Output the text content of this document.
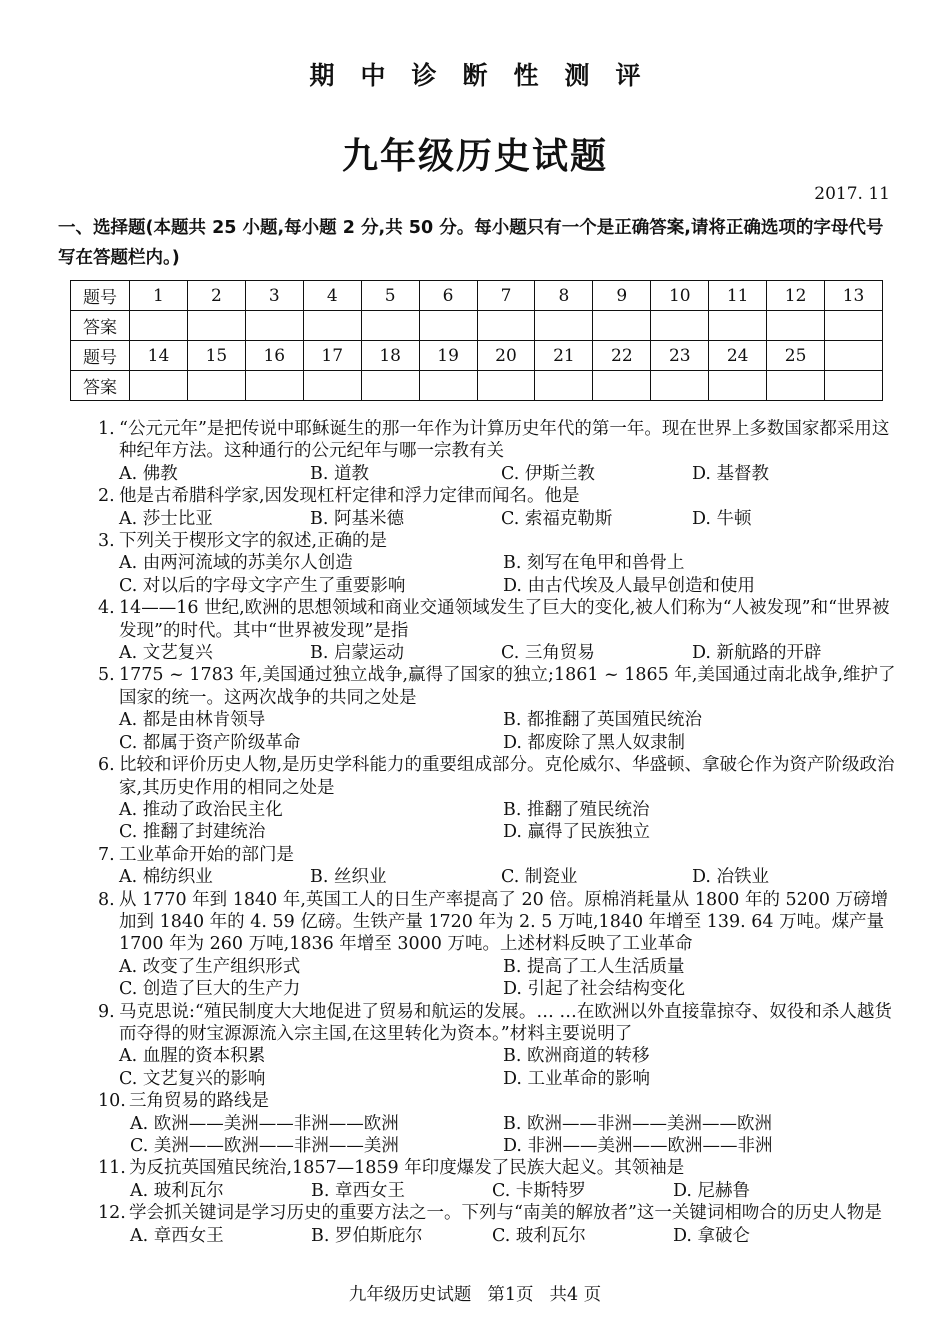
期中诊断性测评
九年级历史试题
2017. 11
一、选择题(本题共 25 小题,每小题 2 分,共 50 分。每小题只有一个是正确答案,请将正确选项的字母代号写在答题栏内。)
题号	1	2	3	4	5	6	7	8	9	10	11	12	13
答案													
题号	14	15	16	17	18	19	20	21	22	23	24	25	
答案													
1. “公元元年”是把传说中耶稣诞生的那一年作为计算历史年代的第一年。现在世界上多数国家都采用这种纪年方法。这种通行的公元纪年与哪一宗教有关
A. 佛教	B. 道教	C. 伊斯兰教	D. 基督教
2. 他是古希腊科学家,因发现杠杆定律和浮力定律而闻名。他是
A. 莎士比亚	B. 阿基米德	C. 索福克勒斯	D. 牛顿
3. 下列关于楔形文字的叙述,正确的是
A. 由两河流域的苏美尔人创造	B. 刻写在龟甲和兽骨上
C. 对以后的字母文字产生了重要影响	D. 由古代埃及人最早创造和使用
4. 14——16 世纪,欧洲的思想领域和商业交通领域发生了巨大的变化,被人们称为“人被发现”和“世界被发现”的时代。其中“世界被发现”是指
A. 文艺复兴	B. 启蒙运动	C. 三角贸易	D. 新航路的开辟
5. 1775 ~ 1783 年,美国通过独立战争,赢得了国家的独立;1861 ~ 1865 年,美国通过南北战争,维护了国家的统一。这两次战争的共同之处是
A. 都是由林肯领导	B. 都推翻了英国殖民统治
C. 都属于资产阶级革命	D. 都废除了黑人奴隶制
6. 比较和评价历史人物,是历史学科能力的重要组成部分。克伦威尔、华盛顿、拿破仑作为资产阶级政治家,其历史作用的相同之处是
A. 推动了政治民主化	B. 推翻了殖民统治
C. 推翻了封建统治	D. 赢得了民族独立
7. 工业革命开始的部门是
A. 棉纺织业	B. 丝织业	C. 制瓷业	D. 冶铁业
8. 从 1770 年到 1840 年,英国工人的日生产率提高了 20 倍。原棉消耗量从 1800 年的 5200 万磅增加到 1840 年的 4. 59 亿磅。生铁产量 1720 年为 2. 5 万吨,1840 年增至 139. 64 万吨。煤产量 1700 年为 260 万吨,1836 年增至 3000 万吨。上述材料反映了工业革命
A. 改变了生产组织形式	B. 提高了工人生活质量
C. 创造了巨大的生产力	D. 引起了社会结构变化
9. 马克思说:“殖民制度大大地促进了贸易和航运的发展。… …在欧洲以外直接靠掠夺、奴役和杀人越货而夺得的财宝源源流入宗主国,在这里转化为资本。”材料主要说明了
A. 血腥的资本积累	B. 欧洲商道的转移
C. 文艺复兴的影响	D. 工业革命的影响
10. 三角贸易的路线是
A. 欧洲——美洲——非洲——欧洲	B. 欧洲——非洲——美洲——欧洲
C. 美洲——欧洲——非洲——美洲	D. 非洲——美洲——欧洲——非洲
11. 为反抗英国殖民统治,1857—1859 年印度爆发了民族大起义。其领袖是
A. 玻利瓦尔	B. 章西女王	C. 卡斯特罗	D. 尼赫鲁
12. 学会抓关键词是学习历史的重要方法之一。下列与“南美的解放者”这一关键词相吻合的历史人物是
A. 章西女王	B. 罗伯斯庇尔	C. 玻利瓦尔	D. 拿破仑
九年级历史试题 第1页 共4 页
